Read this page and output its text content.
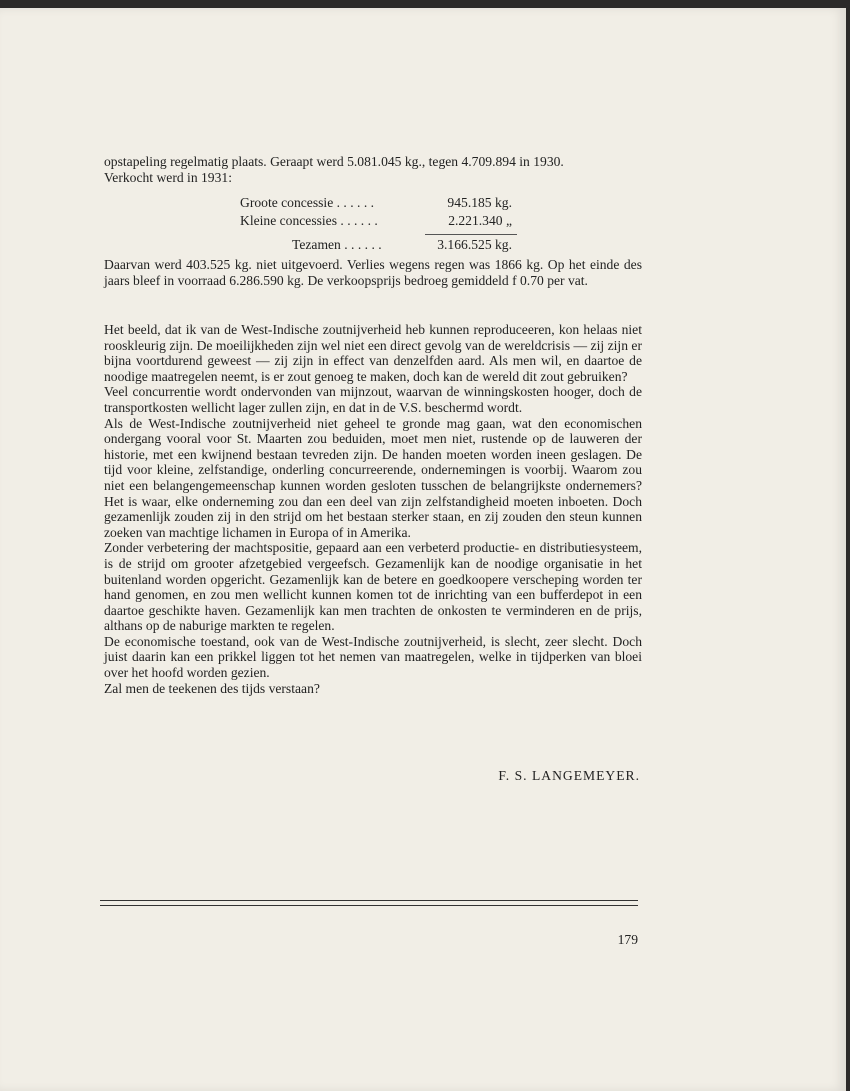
opstapeling regelmatig plaats. Geraapt werd 5.081.045 kg., tegen 4.709.894 in 1930.

Verkocht werd in 1931:

Groote concessie . . . . . .	945.185 kg.
Kleine concessies . . . . . .	2.221.340 „
Tezamen . . . . . .	3.166.525 kg.

Daarvan werd 403.525 kg. niet uitgevoerd. Verlies wegens regen was 1866 kg. Op het einde des jaars bleef in voorraad 6.286.590 kg. De verkoopsprijs bedroeg gemiddeld f 0.70 per vat.

Het beeld, dat ik van de West-Indische zoutnijverheid heb kunnen reproduceeren, kon helaas niet rooskleurig zijn. De moeilijkheden zijn wel niet een direct gevolg van de wereldcrisis — zij zijn er bijna voortdurend geweest — zij zijn in effect van denzelfden aard. Als men wil, en daartoe de noodige maatregelen neemt, is er zout genoeg te maken, doch kan de wereld dit zout gebruiken?

Veel concurrentie wordt ondervonden van mijnzout, waarvan de winningskosten hooger, doch de transportkosten wellicht lager zullen zijn, en dat in de V.S. beschermd wordt.

Als de West-Indische zoutnijverheid niet geheel te gronde mag gaan, wat den economischen ondergang vooral voor St. Maarten zou beduiden, moet men niet, rustende op de lauweren der historie, met een kwijnend bestaan tevreden zijn. De handen moeten worden ineen geslagen. De tijd voor kleine, zelfstandige, onderling concurreerende, ondernemingen is voorbij. Waarom zou niet een belangengemeenschap kunnen worden gesloten tusschen de belangrijkste ondernemers? Het is waar, elke onderneming zou dan een deel van zijn zelfstandigheid moeten inboeten. Doch gezamenlijk zouden zij in den strijd om het bestaan sterker staan, en zij zouden den steun kunnen zoeken van machtige lichamen in Europa of in Amerika.

Zonder verbetering der machtspositie, gepaard aan een verbeterd productie- en distributiesysteem, is de strijd om grooter afzetgebied vergeefsch. Gezamenlijk kan de noodige organisatie in het buitenland worden opgericht. Gezamenlijk kan de betere en goedkoopere verscheping worden ter hand genomen, en zou men wellicht kunnen komen tot de inrichting van een bufferdepot in een daartoe geschikte haven. Gezamenlijk kan men trachten de onkosten te verminderen en de prijs, althans op de naburige markten te regelen.

De economische toestand, ook van de West-Indische zoutnijverheid, is slecht, zeer slecht. Doch juist daarin kan een prikkel liggen tot het nemen van maatregelen, welke in tijdperken van bloei over het hoofd worden gezien.

Zal men de teekenen des tijds verstaan?

F. S. LANGEMEYER.
179
